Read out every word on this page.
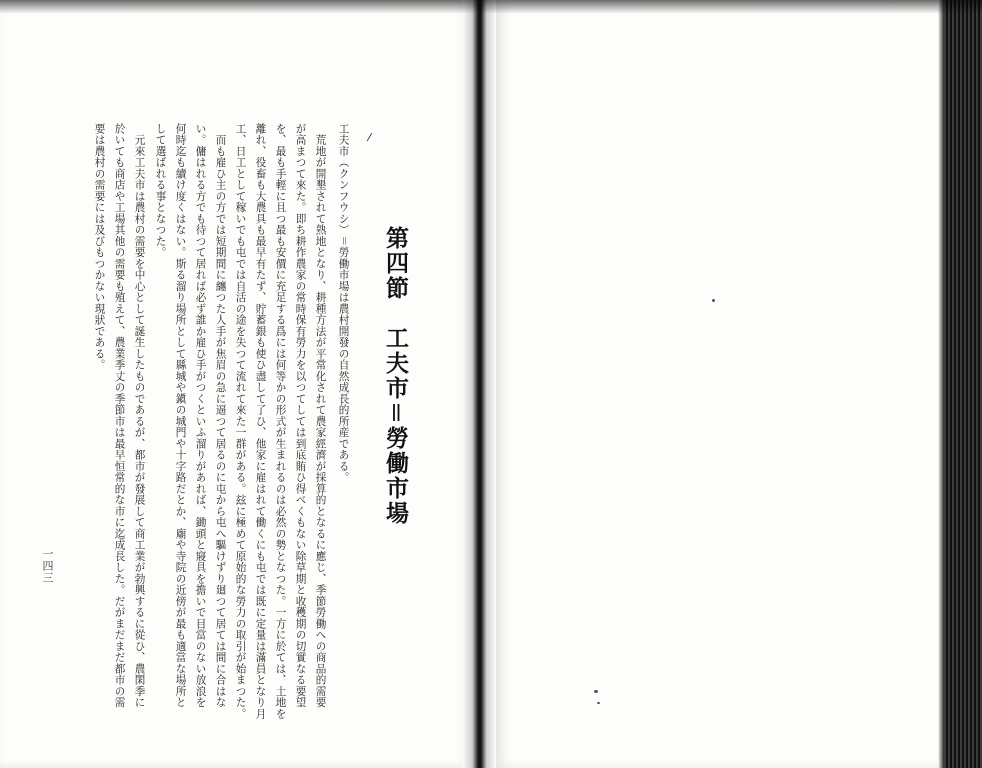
第四節　工夫市＝勞働市場
工夫市（クンフウシ）＝勞働市場は農村開發の自然成長的所産である。
　荒地が開墾されて熟地となり、耕種方法が平常化されて農家經濟が採算的となるに應じ、季節勞働への商品的需要
が高まつて來た。即ち耕作農家の常時保有勞力を以つてしては到底賄ひ得べくもない除草期と收穫期の切實なる要望
を、最も手輕に且つ最も安價に充足する爲には何等かの形式が生まれるのは必然の勢となつた。一方に於ては、土地を
離れ、役畜も大農具も最早有たず、貯蓄銀も使ひ盡して了ひ、他家に雇はれて働くにも屯では既に定量は滿員となり月
工、日工として稼いでも屯では自活の途を失つて流れて來た一群がある。玆に極めて原始的な勞力の取引が始まつた。
　而も雇ひ主の方では短期間に纏つた人手が焦眉の急に逼つて居るのに屯から屯へ驅けずり廻つて居ては間に合はな
い。傭はれる方でも待つて居れば必ず誰か雇ひ手がつくといふ溜りがあれば、鋤頭と寢具を擔いで目當のない放浪を
何時迄も續け度くはない。斯る溜り場所として縣城や鎭の城門や十字路だとか、廟や寺院の近傍が最も適當な場所と
して選ばれる事となつた。
　元來工夫市は農村の需要を中心として誕生したものであるが、都市が發展して商工業が勃興するに從ひ、農閑季に
於いても商店や工場其他の需要も殖えて、農業季丈の季節市は最早恒常的な市に迄成長した。だがまだまだ都市の需
要は農村の需要には及びもつかない現狀である。
一四三
